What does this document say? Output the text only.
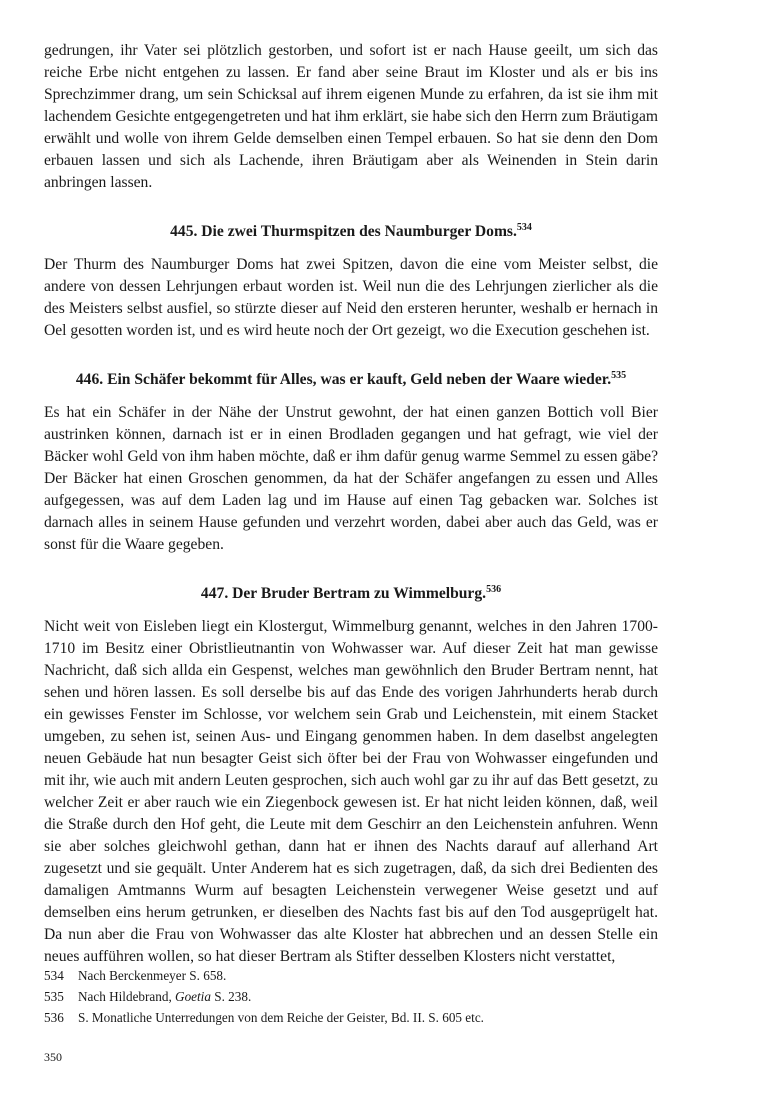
gedrungen, ihr Vater sei plötzlich gestorben, und sofort ist er nach Hause geeilt, um sich das reiche Erbe nicht entgehen zu lassen. Er fand aber seine Braut im Kloster und als er bis ins Sprechzimmer drang, um sein Schicksal auf ihrem eigenen Munde zu erfahren, da ist sie ihm mit lachendem Gesichte entgegengetreten und hat ihm erklärt, sie habe sich den Herrn zum Bräutigam erwählt und wolle von ihrem Gelde demselben einen Tempel erbauen. So hat sie denn den Dom erbauen lassen und sich als Lachende, ihren Bräutigam aber als Weinenden in Stein darin anbringen lassen.

445. Die zwei Thurmspitzen des Naumburger Doms.$^{534}$

Der Thurm des Naumburger Doms hat zwei Spitzen, davon die eine vom Meister selbst, die andere von dessen Lehrjungen erbaut worden ist. Weil nun die des Lehrjungen zierlicher als die des Meisters selbst ausfiel, so stürzte dieser auf Neid den ersteren herunter, weshalb er hernach in Oel gesotten worden ist, und es wird heute noch der Ort gezeigt, wo die Execution geschehen ist.

446. Ein Schäfer bekommt für Alles, was er kauft, Geld neben der Waare wieder.$^{535}$

Es hat ein Schäfer in der Nähe der Unstrut gewohnt, der hat einen ganzen Bottich voll Bier austrinken können, darnach ist er in einen Brodladen gegangen und hat gefragt, wie viel der Bäcker wohl Geld von ihm haben möchte, daß er ihm dafür genug warme Semmel zu essen gäbe? Der Bäcker hat einen Groschen genommen, da hat der Schäfer angefangen zu essen und Alles aufgegessen, was auf dem Laden lag und im Hause auf einen Tag gebacken war. Solches ist darnach alles in seinem Hause gefunden und verzehrt worden, dabei aber auch das Geld, was er sonst für die Waare gegeben.

447. Der Bruder Bertram zu Wimmelburg.$^{536}$

Nicht weit von Eisleben liegt ein Klostergut, Wimmelburg genannt, welches in den Jahren 1700-1710 im Besitz einer Obristlieutnantin von Wohwasser war. Auf dieser Zeit hat man gewisse Nachricht, daß sich allda ein Gespenst, welches man gewöhnlich den Bruder Bertram nennt, hat sehen und hören lassen. Es soll derselbe bis auf das Ende des vorigen Jahrhunderts herab durch ein gewisses Fenster im Schlosse, vor welchem sein Grab und Leichenstein, mit einem Stacket umgeben, zu sehen ist, seinen Aus- und Eingang genommen haben. In dem daselbst angelegten neuen Gebäude hat nun besagter Geist sich öfter bei der Frau von Wohwasser eingefunden und mit ihr, wie auch mit andern Leuten gesprochen, sich auch wohl gar zu ihr auf das Bett gesetzt, zu welcher Zeit er aber rauch wie ein Ziegenbock gewesen ist. Er hat nicht leiden können, daß, weil die Straße durch den Hof geht, die Leute mit dem Geschirr an den Leichenstein anfuhren. Wenn sie aber solches gleichwohl gethan, dann hat er ihnen des Nachts darauf auf allerhand Art zugesetzt und sie gequält. Unter Anderem hat es sich zugetragen, daß, da sich drei Bedienten des damaligen Amtmanns Wurm auf besagten Leichenstein verwegener Weise gesetzt und auf demselben eins herum getrunken, er dieselben des Nachts fast bis auf den Tod ausgeprügelt hat. Da nun aber die Frau von Wohwasser das alte Kloster hat abbrechen und an dessen Stelle ein neues aufführen wollen, so hat dieser Bertram als Stifter desselben Klosters nicht verstattet,

534	Nach Berckenmeyer S. 658.
535	Nach Hildebrand, Goetia S. 238.
536	S. Monatliche Unterredungen von dem Reiche der Geister, Bd. II. S. 605 etc.
350
